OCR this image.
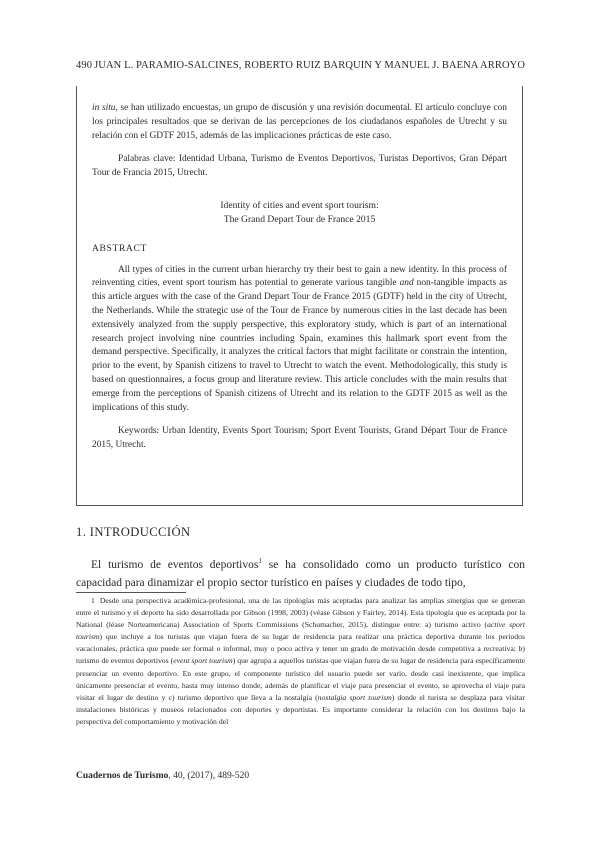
490 JUAN L. PARAMIO-SALCINES, ROBERTO RUIZ BARQUÍN Y MANUEL J. BAENA ARROYO

in situ, se han utilizado encuestas, un grupo de discusión y una revisión documental. El artículo concluye con los principales resultados que se derivan de las percepciones de los ciudadanos españoles de Utrecht y su relación con el GDTF 2015, además de las implicaciones prácticas de este caso.

Palabras clave: Identidad Urbana, Turismo de Eventos Deportivos, Turistas Deportivos, Gran Départ Tour de Francia 2015, Utrecht.

Identity of cities and event sport tourism:
The Grand Depart Tour de France 2015
ABSTRACT

All types of cities in the current urban hierarchy try their best to gain a new identity. In this process of reinventing cities, event sport tourism has potential to generate various tangible and non-tangible impacts as this article argues with the case of the Grand Depart Tour de France 2015 (GDTF) held in the city of Utrecht, the Netherlands. While the strategic use of the Tour de France by numerous cities in the last decade has been extensively analyzed from the supply perspective, this exploratory study, which is part of an international research project involving nine countries including Spain, examines this hallmark sport event from the demand perspective. Specifically, it analyzes the critical factors that might facilitate or constrain the intention, prior to the event, by Spanish citizens to travel to Utrecht to watch the event. Methodologically, this study is based on questionnaires, a focus group and literature review. This article concludes with the main results that emerge from the perceptions of Spanish citizens of Utrecht and its relation to the GDTF 2015 as well as the implications of this study.

Keywords: Urban Identity, Events Sport Tourism; Sport Event Tourists, Grand Départ Tour de France 2015, Utrecht.

1. INTRODUCCIÓN

El turismo de eventos deportivos$^1$ se ha consolidado como un producto turístico con capacidad para dinamizar el propio sector turístico en países y ciudades de todo tipo,

1 Desde una perspectiva académica-profesional, una de las tipologías más aceptadas para analizar las amplias sinergias que se generan entre el turismo y el deporte ha sido desarrollada por Gibson (1998, 2003) (véase Gibson y Fairley, 2014). Esta tipología que es aceptada por la National (léase Norteamericana) Association of Sports Commissions (Schumacher, 2015), distingue entre: a) turismo activo (active sport tourism) que incluye a los turistas que viajan fuera de su lugar de residencia para realizar una práctica deportiva durante los periodos vacacionales, práctica que puede ser formal o informal, muy o poco activa y tener un grado de motivación desde competitiva a recreativa; b) turismo de eventos deportivos (event sport tourism) que agrupa a aquellos turistas que viajan fuera de su lugar de residencia para específicamente presenciar un evento deportivo. En este grupo, el componente turístico del usuario puede ser vario, desde casi inexistente, que implica únicamente presenciar el evento, hasta muy intenso donde, además de planificar el viaje para presenciar el evento, se aprovecha el viaje para visitar el lugar de destino y c) turismo deportivo que lleva a la nostalgia (nostalgia sport tourism) donde el turista se desplaza para visitar instalaciones históricas y museos relacionados con deportes y deportistas. Es importante considerar la relación con los destinos bajo la perspectiva del comportamiento y motivación del

Cuadernos de Turismo, 40, (2017), 489-520
